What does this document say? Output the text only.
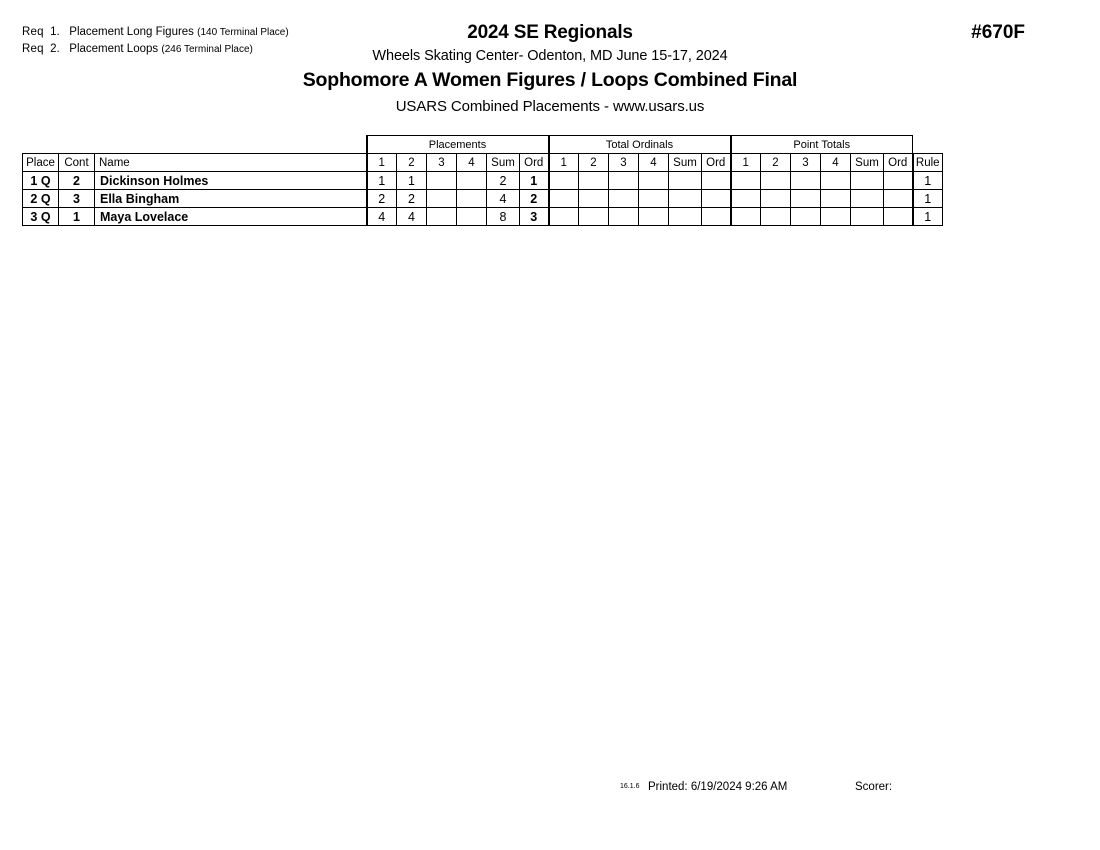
Req 1. Placement Long Figures (140 Terminal Place)
Req 2. Placement Loops (246 Terminal Place)
2024 SE Regionals
Wheels Skating Center- Odenton, MD June 15-17, 2024
Sophomore A Women Figures / Loops Combined Final
USARS Combined Placements - www.usars.us
#670F
			Placements						Total Ordinals						Point Totals						
Place	Cont	Name	1	2	3	4	Sum	Ord	1	2	3	4	Sum	Ord	1	2	3	4	Sum	Ord	Rule
1 Q	2	Dickinson Holmes	1	1			2	1													1
2 Q	3	Ella Bingham	2	2			4	2													1
3 Q	1	Maya Lovelace	4	4			8	3													1
16.1.6 Printed: 6/19/2024 9:26 AM	Scorer:
